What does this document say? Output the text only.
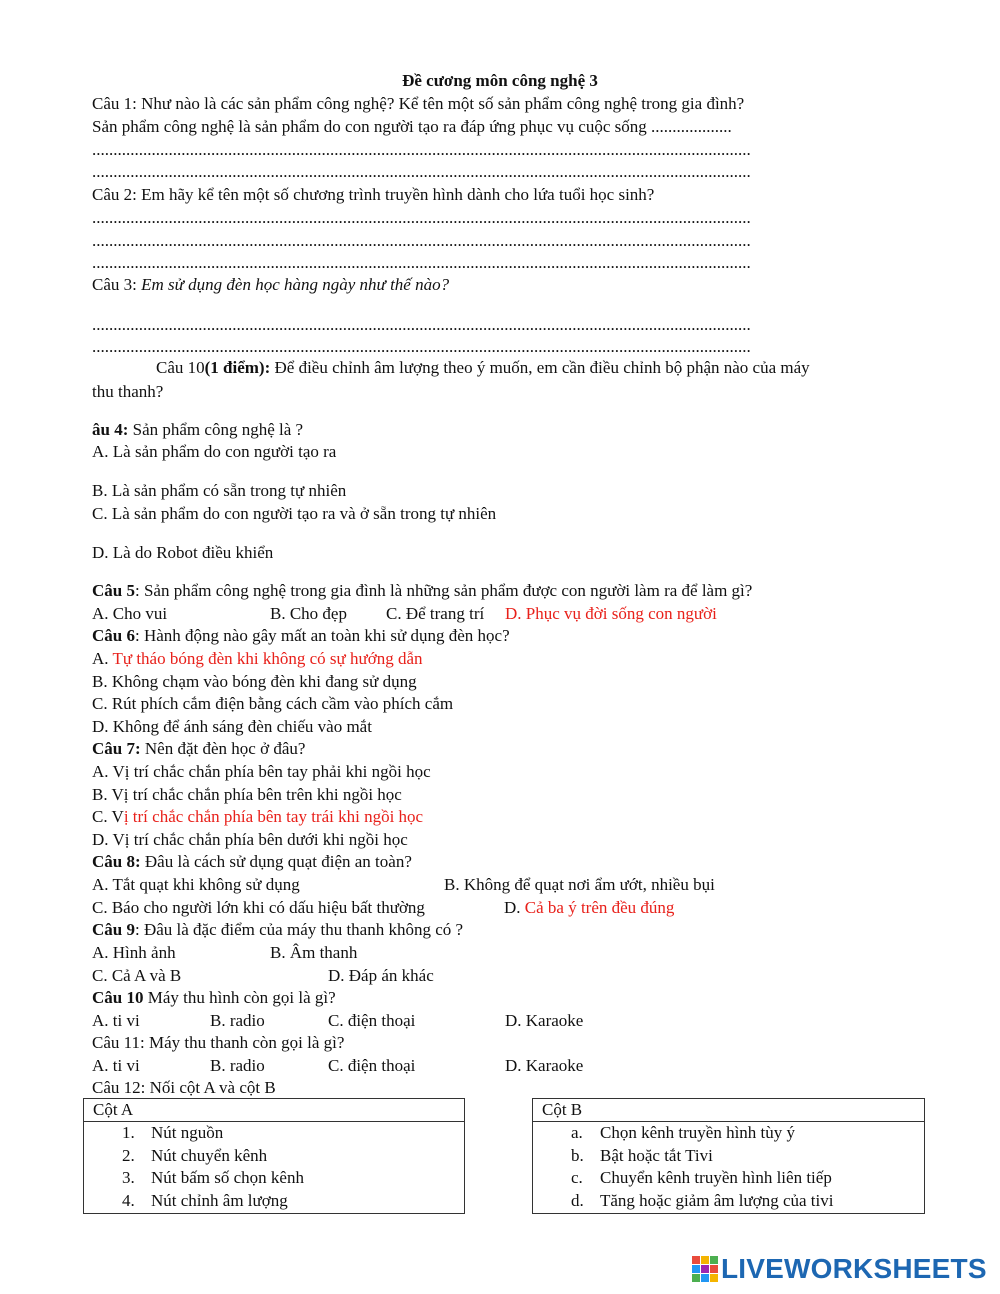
Đề cương môn công nghệ 3
Câu 1: Như nào là các sản phẩm công nghệ? Kể tên một số sản phẩm công nghệ trong gia đình?
Sản phẩm công nghệ là sản phẩm do con người tạo ra đáp ứng phục vụ cuộc sống ...................
...........................................................................................................................................................
...........................................................................................................................................................
Câu 2: Em hãy kể tên một số chương trình truyền hình dành cho lứa tuổi học sinh?
...........................................................................................................................................................
...........................................................................................................................................................
...........................................................................................................................................................
Câu 3: Em sử dụng đèn học hàng ngày như thế nào?
...........................................................................................................................................................
...........................................................................................................................................................
Câu 10(1 điểm): Để điều chỉnh âm lượng theo ý muốn, em cần điều chỉnh bộ phận nào của máy
thu thanh?
âu 4: Sản phẩm công nghệ là ?
A. Là sản phẩm do con người tạo ra
B. Là sản phẩm có sẵn trong tự nhiên
C. Là sản phẩm do con người tạo ra và ở sẵn trong tự nhiên
D. Là do Robot điều khiển
Câu 5: Sản phẩm công nghệ trong gia đình là những sản phẩm được con người làm ra để làm gì?
A. Cho vui	B. Cho đẹp C. Để trang trí D. Phục vụ đời sống con người
Câu 6: Hành động nào gây mất an toàn khi sử dụng đèn học?
A. Tự tháo bóng đèn khi không có sự hướng dẫn
B. Không chạm vào bóng đèn khi đang sử dụng
C. Rút phích cắm điện bằng cách cầm vào phích cắm
D. Không để ánh sáng đèn chiếu vào mắt
Câu 7: Nên đặt đèn học ở đâu?
A. Vị trí chắc chắn phía bên tay phải khi ngồi học
B. Vị trí chắc chắn phía bên trên khi ngồi học
C. Vị trí chắc chắn phía bên tay trái khi ngồi học
D. Vị trí chắc chắn phía bên dưới khi ngồi học
Câu 8: Đâu là cách sử dụng quạt điện an toàn?
A. Tắt quạt khi không sử dụng	B. Không để quạt nơi ẩm ướt, nhiều bụi
C. Báo cho người lớn khi có dấu hiệu bất thường	D. Cả ba ý trên đều đúng
Câu 9: Đâu là đặc điểm của máy thu thanh không có ?
A. Hình ảnh	B. Âm thanh
C. Cả A và B	D. Đáp án khác
Câu 10 Máy thu hình còn gọi là gì?
A. ti vi	B. radio	C. điện thoại	D. Karaoke
Câu 11: Máy thu thanh còn gọi là gì?
A. ti vi	B. radio	C. điện thoại	D. Karaoke
Câu 12: Nối cột A và cột B
Cột A
1. Nút nguồn
2. Nút chuyển kênh
3. Nút bấm số chọn kênh
4. Nút chỉnh âm lượng
Cột B
a. Chọn kênh truyền hình tùy ý
b. Bật hoặc tắt Tivi
c. Chuyển kênh truyền hình liên tiếp
d. Tăng hoặc giảm âm lượng của tivi
LIVEWORKSHEETS
